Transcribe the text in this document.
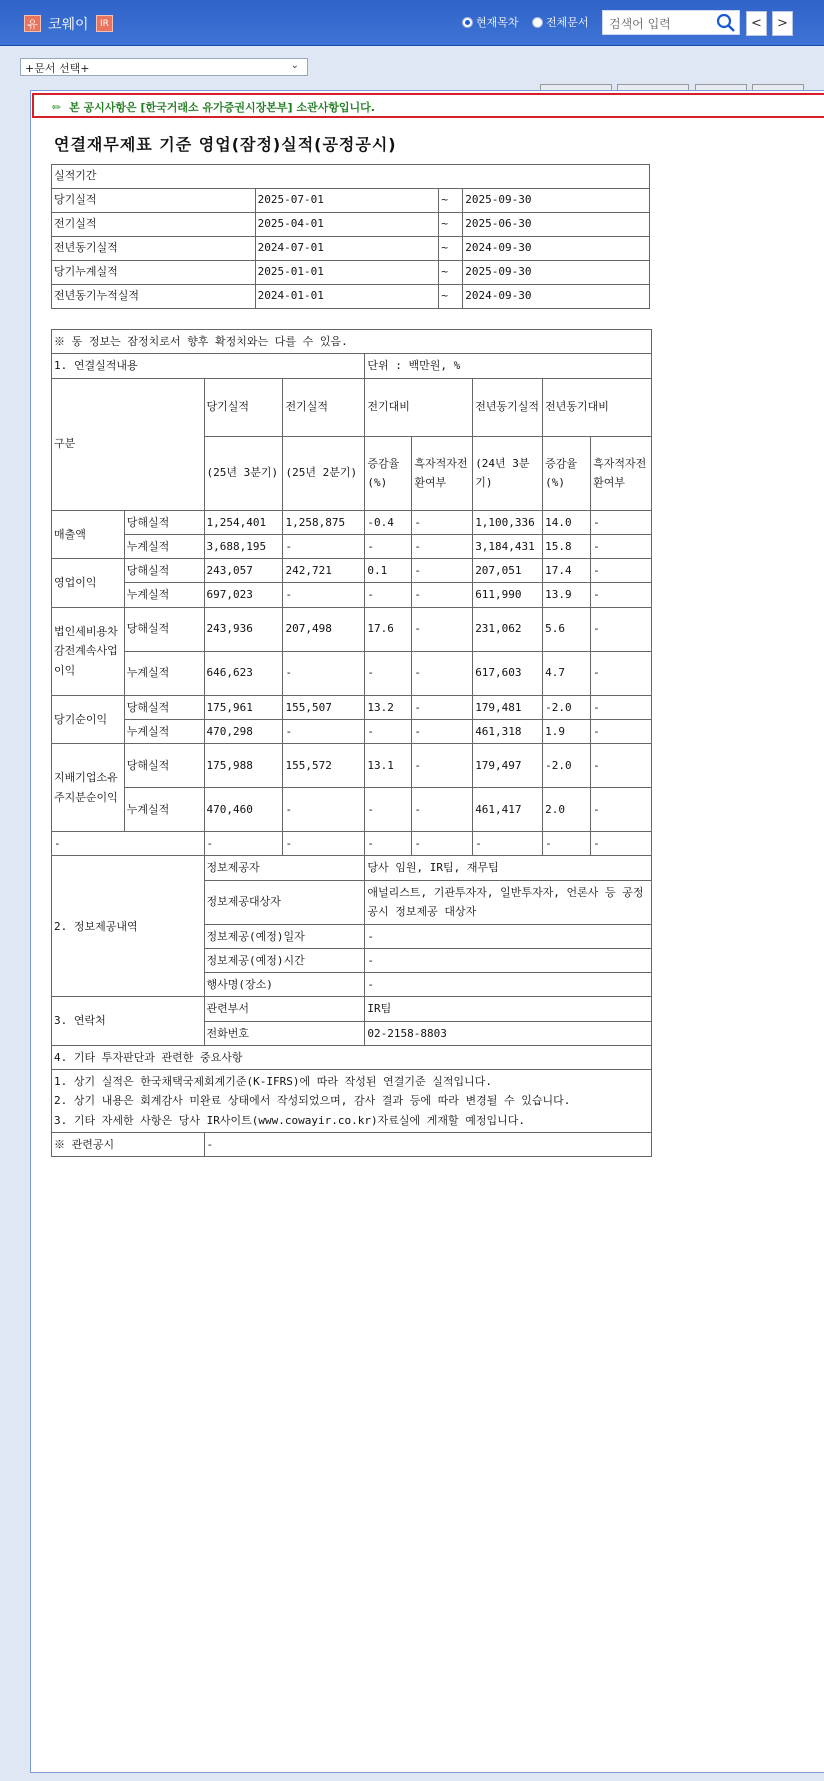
유 코웨이	IR	현재목차 전체문서	검색어 입력	<	>
+문서 선택+	⌄
✏ 본 공시사항은 [한국거래소 유가증권시장본부] 소관사항입니다.
연결재무제표 기준 영업(잠정)실적(공정공시)
실적기간			
당기실적	2025-07-01	~	2025-09-30
전기실적	2025-04-01	~	2025-06-30
전년동기실적	2024-07-01	~	2024-09-30
당기누계실적	2025-01-01	~	2025-09-30
전년동기누적실적	2024-01-01	~	2024-09-30
※ 동 정보는 잠정치로서 향후 확정치와는 다를 수 있음.								
1. 연결실적내용				단위 : 백만원, %				
구분		당기실적	전기실적	전기대비		전년동기실적	전년동기대비	
		(25년 3분기)	(25년 2분기)	증감율(%)	흑자적자전환여부	(24년 3분기)	증감율(%)	흑자적자전환여부
매출액	당해실적	1,254,401	1,258,875	-0.4	-	1,100,336	14.0	-
	누계실적	3,688,195	-	-	-	3,184,431	15.8	-
영업이익	당해실적	243,057	242,721	0.1	-	207,051	17.4	-
	누계실적	697,023	-	-	-	611,990	13.9	-
법인세비용차감전계속사업이익	당해실적	243,936	207,498	17.6	-	231,062	5.6	-
	누계실적	646,623	-	-	-	617,603	4.7	-
당기순이익	당해실적	175,961	155,507	13.2	-	179,481	-2.0	-
	누계실적	470,298	-	-	-	461,318	1.9	-
지배기업소유주지분순이익	당해실적	175,988	155,572	13.1	-	179,497	-2.0	-
	누계실적	470,460	-	-	-	461,417	2.0	-
-		-	-	-	-	-	-	-
2. 정보제공내역		정보제공자		당사 임원, IR팀, 재무팀				
		정보제공대상자		애널리스트, 기관투자자, 일반투자자, 언론사 등 공정공시 정보제공 대상자				
		정보제공(예정)일자		-				
		정보제공(예정)시간		-				
		행사명(장소)		-				
3. 연락처		관련부서		IR팀				
		전화번호		02-2158-8803				
4. 기타 투자판단과 관련한 중요사항								

1. 상기 실적은 한국채택국제회계기준(K-IFRS)에 따라 작성된 연결기준 실적입니다.
2. 상기 내용은 회계감사 미완료 상태에서 작성되었으며, 감사 결과 등에 따라 변경될 수 있습니다.
3. 기타 자세한 사항은 당사 IR사이트(www.cowayir.co.kr)자료실에 게재할 예정입니다.								

※ 관련공시		-						
